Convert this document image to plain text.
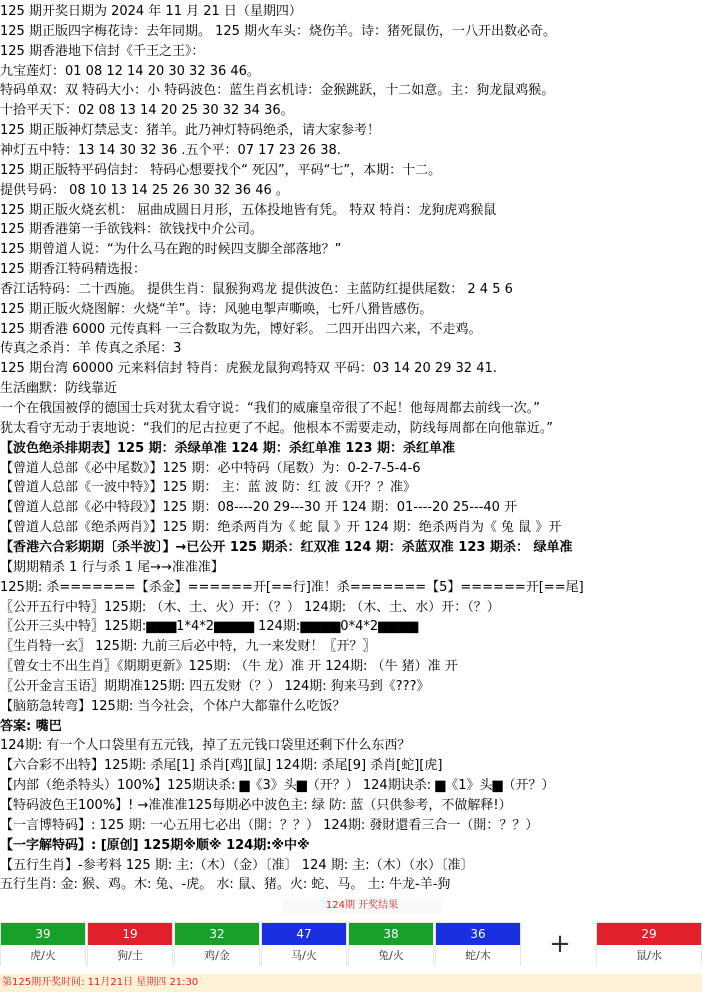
125 期开奖日期为 2024 年 11 月 21 日（星期四）
125 期正版四字梅花诗：去年同期。 125 期火车头：烧伤羊。诗：猪死鼠伤，一八开出数必奇。
125 期香港地下信封《千王之王》：
九宝莲灯：01 08 12 14 20 30 32 36 46。
特码单双：双 特码大小：小 特码波色：蓝生肖玄机诗：金猴跳跃，十二如意。主：狗龙鼠鸡猴。
十拾平天下：02 08 13 14 20 25 30 32 34 36。
125 期正版神灯禁忌支：猪羊。此乃神灯特码绝杀，请大家参考！
神灯五中特：13 14 30 32 36 .五个平：07 17 23 26 38.
125 期正版特平码信封： 特码心想要找个“ 死囚”，平码“七”，本期：十二。
提供号码： 08 10 13 14 25 26 30 32 36 46 。
125 期正版火烧玄机： 屈曲成圆日月形，五体投地皆有凭。 特双 特肖：龙狗虎鸡猴鼠
125 期香港第一手欲钱料：欲钱找中介公司。
125 期曾道人说：“为什么马在跑的时候四支脚全部落地？”
125 期香江特码精选报：
香江话特码：二十西施。 提供生肖：鼠猴狗鸡龙 提供波色：主蓝防红提供尾数： 2 4 5 6
125 期正版火烧图解：火烧“羊”。诗：风驰电掣声嘶唤，七歼八猾皆感伤。
125 期香港 6000 元传真料 一三合数取为先，博好彩。 二四开出四六来，不走鸡。
传真之杀肖：羊 传真之杀尾：3
125 期台湾 60000 元来料信封 特肖：虎猴龙鼠狗鸡特双 平码：03 14 20 29 32 41.
生活幽默：防线靠近
一个在俄国被俘的德国士兵对犹太看守说：“我们的威廉皇帝很了不起！他每周都去前线一次。”
犹太看守无动于衷地说：“我们的尼古拉更了不起。他根本不需要走动，防线每周都在向他靠近。”
【波色绝杀排期表】125 期：杀绿单准 124 期：杀红单准 123 期：杀红单准
【曾道人总部《必中尾数》】125 期：必中特码（尾数）为：0-2-7-5-4-6
【曾道人总部《一波中特》】125 期： 主：蓝 波 防：红 波《开？？准》
【曾道人总部《必中特段》】125 期：08----20 29---30 开 124 期：01----20 25---40 开
【曾道人总部《绝杀两肖》】125 期：绝杀两肖为《 蛇 鼠 》开 124 期：绝杀两肖为《 兔 鼠 》开
【香港六合彩期期〔杀半波〕】→已公开 125 期杀：红双准 124 期：杀蓝双准 123 期杀： 绿单准
【期期精杀 1 行与杀 1 尾→→准准准】
125期: 杀=======【杀金】======开[==行]准！杀=======【5】======开[==尾]
〖公开五行中特〗125期: （木、土、火）开：（？） 124期: （木、土、水）开：（？）
〖公开三头中特〗125期:▆▆▆1*4*2▆▆▆▆ 124期:▆▆▆▆0*4*2▆▆▆▆
〖生肖特一玄〗 125期: 九前三后必中特，九一来发财！〖开？〗
〖曾女士不出生肖〗《期期更新》125期: （牛 龙）准 开 124期: （牛 猪）准 开
〖公开金言玉语〗期期准125期: 四五发财（？） 124期: 狗来马到《???》
【脑筋急转弯】125期: 当今社会，个体户大都靠什么吃饭？
答案: 嘴巴
124期: 有一个人口袋里有五元钱，掉了五元钱口袋里还剩下什么东西？
【六合彩不出特】125期: 杀尾[1] 杀肖[鸡][鼠] 124期: 杀尾[9] 杀肖[蛇][虎]
【内部（绝杀特头）100%】125期诀杀: ▆《3》头▆（开？） 124期诀杀: ▆《1》头▆（开？）
【特码波色王100%】! →准准准125每期必中波色主: 绿 防: 蓝（只供参考，不做解释!）
【一言博特码】: 125 期: 一心五用七必出（開：？？） 124期: 發財還看三合一（開：？？）
【一字解特码】: [原创] 125期※顺※ 124期:※中※
【五行生肖】-参考料 125 期: 主:（木）（金）〔准〕 124 期: 主:（木）（水）〔准〕
五行生肖: 金: 猴、鸡。木: 兔、-虎。 水: 鼠、猪。火: 蛇、马。 土: 牛龙-羊-狗
124期 开奖结果
39
虎/火
19
狗/土
32
鸡/金
47
马/火
38
兔/火
36
蛇/木	+	29
鼠/水
第125期开奖时间: 11月21日 星期四 21:30
